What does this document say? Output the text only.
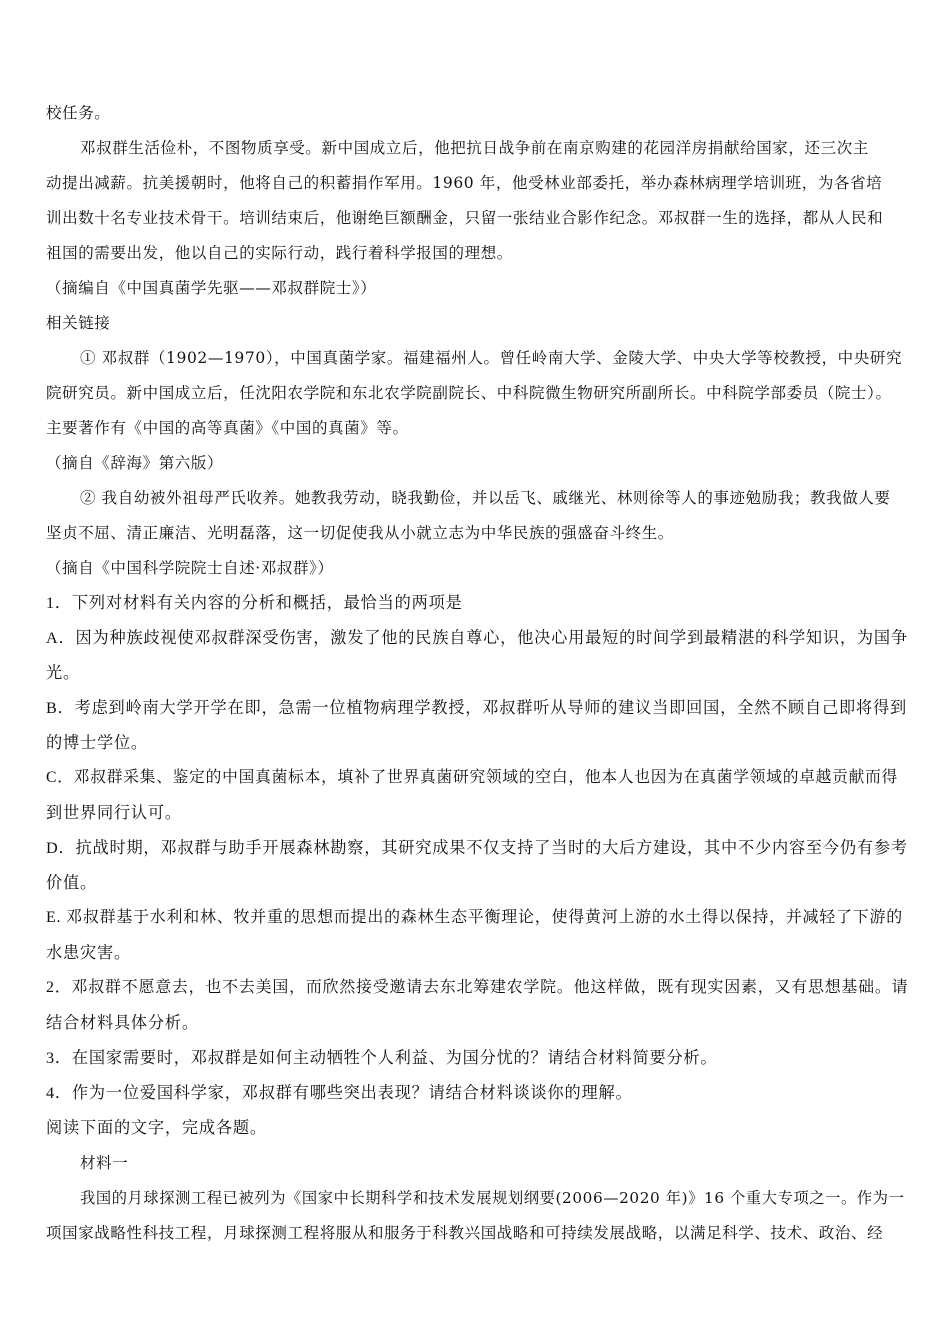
校任务。
邓叔群生活俭朴，不图物质享受。新中国成立后，他把抗日战争前在南京购建的花园洋房捐献给国家，还三次主
动提出减薪。抗美援朝时，他将自己的积蓄捐作军用。1960 年，他受林业部委托，举办森林病理学培训班，为各省培
训出数十名专业技术骨干。培训结束后，他谢绝巨额酬金，只留一张结业合影作纪念。邓叔群一生的选择，都从人民和
祖国的需要出发，他以自己的实际行动，践行着科学报国的理想。
（摘编自《中国真菌学先驱——邓叔群院士》）
相关链接
① 邓叔群（1902—1970），中国真菌学家。福建福州人。曾任岭南大学、金陵大学、中央大学等校教授，中央研究
院研究员。新中国成立后，任沈阳农学院和东北农学院副院长、中科院微生物研究所副所长。中科院学部委员（院士）。
主要著作有《中国的高等真菌》《中国的真菌》等。
（摘自《辞海》第六版）
② 我自幼被外祖母严氏收养。她教我劳动，晓我勤俭，并以岳飞、戚继光、林则徐等人的事迹勉励我；教我做人要
坚贞不屈、清正廉洁、光明磊落，这一切促使我从小就立志为中华民族的强盛奋斗终生。
（摘自《中国科学院院士自述·邓叔群》）
1．下列对材料有关内容的分析和概括，最恰当的两项是
A．因为种族歧视使邓叔群深受伤害，激发了他的民族自尊心，他决心用最短的时间学到最精湛的科学知识，为国争
光。
B．考虑到岭南大学开学在即，急需一位植物病理学教授，邓叔群听从导师的建议当即回国，全然不顾自己即将得到
的博士学位。
C．邓叔群采集、鉴定的中国真菌标本，填补了世界真菌研究领域的空白，他本人也因为在真菌学领域的卓越贡献而得
到世界同行认可。
D．抗战时期，邓叔群与助手开展森林勘察，其研究成果不仅支持了当时的大后方建设，其中不少内容至今仍有参考
价值。
E. 邓叔群基于水利和林、牧并重的思想而提出的森林生态平衡理论，使得黄河上游的水土得以保持，并减轻了下游的
水患灾害。
2．邓叔群不愿意去，也不去美国，而欣然接受邀请去东北筹建农学院。他这样做，既有现实因素，又有思想基础。请
结合材料具体分析。
3．在国家需要时，邓叔群是如何主动牺牲个人利益、为国分忧的？请结合材料简要分析。
4．作为一位爱国科学家，邓叔群有哪些突出表现？请结合材料谈谈你的理解。
阅读下面的文字，完成各题。
材料一
我国的月球探测工程已被列为《国家中长期科学和技术发展规划纲要(2006—2020 年)》16 个重大专项之一。作为一
项国家战略性科技工程，月球探测工程将服从和服务于科教兴国战略和可持续发展战略，以满足科学、技术、政治、经
